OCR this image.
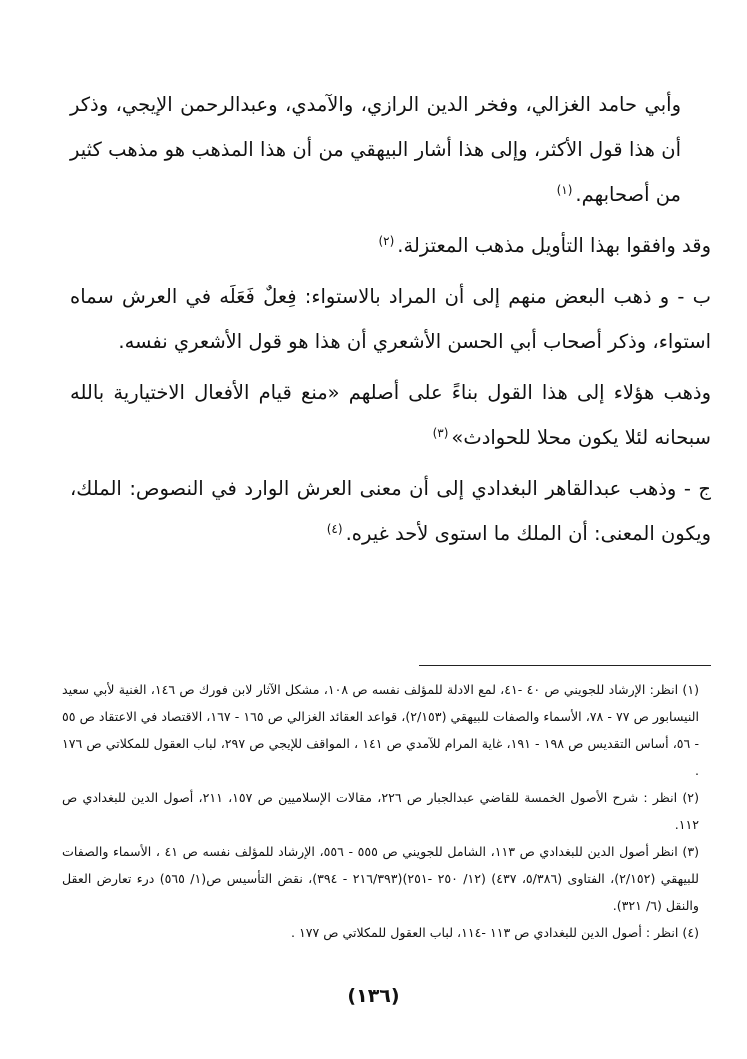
وأبي حامد الغزالي، وفخر الدين الرازي، والآمدي، وعبدالرحمن الإيجي، وذكر أن هذا قول الأكثر، وإلى هذا أشار البيهقي من أن هذا المذهب هو مذهب كثير من أصحابهم.$^{(١)}$

وقد وافقوا بهذا التأويل مذهب المعتزلة.$^{(٢)}$

ب - و ذهب البعض منهم إلى أن المراد بالاستواء: فِعلٌ فَعَلَه في العرش سماه استواء، وذكر أصحاب أبي الحسن الأشعري أن هذا هو قول الأشعري نفسه.

وذهب هؤلاء إلى هذا القول بناءً على أصلهم «منع قيام الأفعال الاختيارية بالله سبحانه لئلا يكون محلا للحوادث»$^{(٣)}$

ج - وذهب عبدالقاهر البغدادي إلى أن معنى العرش الوارد في النصوص: الملك، ويكون المعنى: أن الملك ما استوى لأحد غيره.$^{(٤)}$

(١) انظر: الإرشاد للجويني ص ٤٠ -٤١، لمع الادلة للمؤلف نفسه ص ١٠٨، مشكل الآثار لابن فورك ص ١٤٦، الغنية لأبي سعيد النيسابور ص ٧٧ - ٧٨، الأسماء والصفات للبيهقي (٢/١٥٣)، قواعد العقائد الغزالي ص ١٦٥ - ١٦٧، الاقتصاد في الاعتقاد ص ٥٥ - ٥٦، أساس التقديس ص ١٩٨ - ١٩١، غاية المرام للآمدي ص ١٤١ ، المواقف للإيجي ص ٢٩٧، لباب العقول للمكلاتي ص ١٧٦ .

(٢) انظر : شرح الأصول الخمسة للقاضي عبدالجبار ص ٢٢٦، مقالات الإسلاميين ص ١٥٧، ٢١١، أصول الدين للبغدادي ص ١١٢.

(٣) انظر أصول الدين للبغدادي ص ١١٣، الشامل للجويني ص ٥٥٥ - ٥٥٦، الإرشاد للمؤلف نفسه ص ٤١ ، الأسماء والصفات للبيهقي (٢/١٥٢)، الفتاوى (٥/٣٨٦، ٤٣٧) (١٢/ ٢٥٠ -٢٥١)(٢١٦/٣٩٣ - ٣٩٤)، نقض التأسيس ص(١/ ٥٦٥) درء تعارض العقل والنقل (٦/ ٣٢١).

(٤) انظر : أصول الدين للبغدادي ص ١١٣ -١١٤، لباب العقول للمكلاتي ص ١٧٧ .

(١٣٦)
